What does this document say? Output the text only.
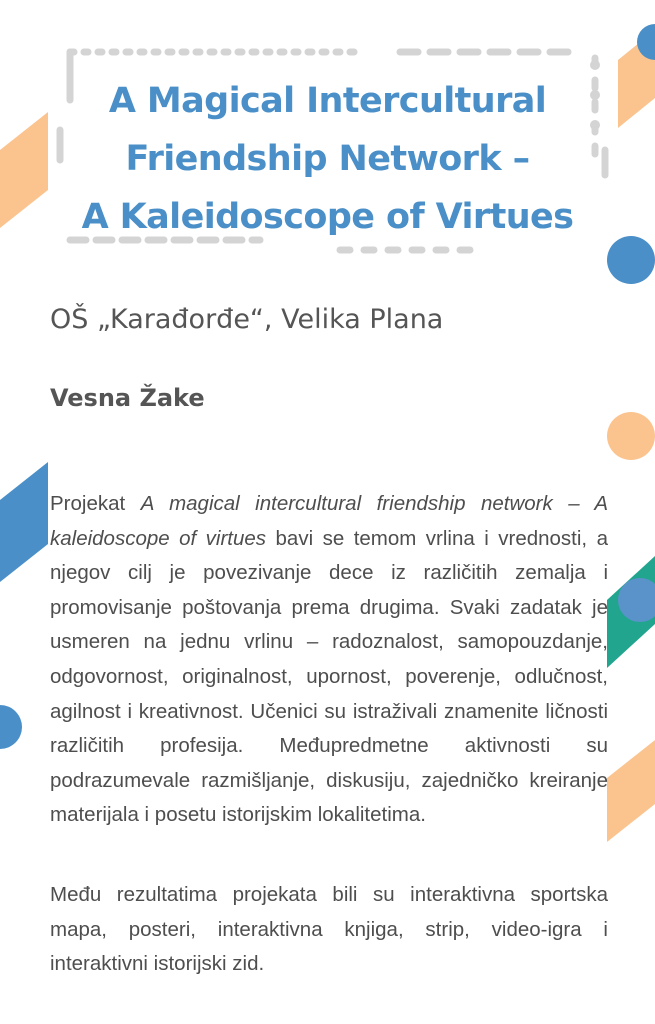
A Magical Intercultural
Friendship Network –
A Kaleidoscope of Virtues
OŠ „Karađorđe“, Velika Plana
Vesna Žake

Projekat A magical intercultural friendship network – A kaleidoscope of virtues bavi se temom vrlina i vrednosti, a njegov cilj je povezivanje dece iz različitih zemalja i promovisanje poštovanja prema drugima. Svaki zadatak je usmeren na jednu vrlinu – radoznalost, samopouzdanje, odgovornost, originalnost, upornost, poverenje, odlučnost, agilnost i kreativnost. Učenici su istraživali znamenite ličnosti različitih profesija. Međupredmetne aktivnosti su podrazumevale razmišljanje, diskusiju, zajedničko kreiranje materijala i posetu istorijskim lokalitetima.

Među rezultatima projekata bili su interaktivna sportska mapa, posteri, interaktivna knjiga, strip, video-igra i interaktivni istorijski zid.
